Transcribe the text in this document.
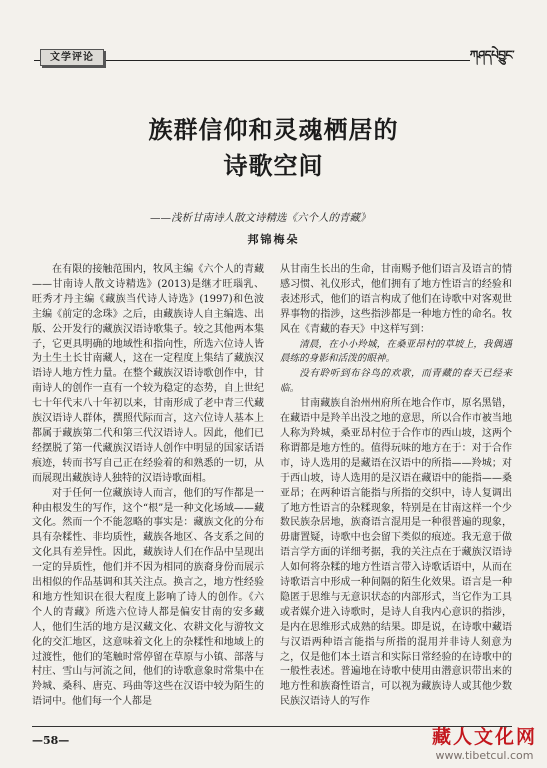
文学评论	ཀཤདཔེབྱུང་
族群信仰和灵魂栖居的
诗歌空间
——浅析甘南诗人散文诗精选《六个人的青藏》
邦锦梅朵

在有限的接触范围内，牧风主编《六个人的青藏——甘南诗人散文诗精选》(2013)是继才旺瑙乳、旺秀才丹主编《藏族当代诗人诗选》(1997)和色波主编《前定的念珠》之后，由藏族诗人自主编选、出版、公开发行的藏族汉语诗歌集子。较之其他两本集子，它更具明确的地域性和指向性，所选六位诗人皆为土生土长甘南藏人，这在一定程度上集结了藏族汉语诗人地方性力量。在整个藏族汉语诗歌创作中，甘南诗人的创作一直有一个较为稳定的态势，自上世纪七十年代末八十年初以来，甘南形成了老中青三代藏族汉语诗人群体，撰照代际而言，这六位诗人基本上都属于藏族第二代和第三代汉语诗人。因此，他们已经摆脱了第一代藏族汉语诗人创作中明显的国家话语痕迹，转而书写自己正在经验着的和熟悉的一切，从而展现出藏族诗人独特的汉语诗歌面相。

对于任何一位藏族诗人而言，他们的写作都是一种由根发生的写作，这个“根”是一种文化场域——藏文化。然而一个不能忽略的事实是：藏族文化的分布具有杂糅性、非均质性，藏族各地区、各支系之间的文化具有差异性。因此，藏族诗人们在作品中呈现出一定的异质性，他们并不因为相同的族裔身份而展示出相似的作品基调和其关注点。换言之，地方性经验和地方性知识在很大程度上影响了诗人的创作。《六个人的青藏》所选六位诗人都是偏安甘南的安多藏人，他们生活的地方是汉藏文化、农耕文化与游牧文化的交汇地区，这意味着文化上的杂糅性和地域上的过渡性，他们的笔触时常停留在草原与小镇、部落与村庄、雪山与河流之间，他们的诗歌意象时常集中在羚城、桑科、唐克、玛曲等这些在汉语中较为陌生的语词中。他们每一个人都是

从甘南生长出的生命，甘南赐予他们语言及语言的情感习惯、礼仪形式，他们拥有了地方性语言的经验和表述形式，他们的语言构成了他们在诗歌中对客观世界事物的指涉，这些指涉都是一种地方性的命名。牧风在《青藏的春天》中这样写到：

清晨，在小小羚城，在桑亚昂村的草坡上，我偶遇晨练的身影和活泼的眼神。

没有聆听到布谷鸟的欢歌，而青藏的春天已经来临。

甘南藏族自治州州府所在地合作市，原名黑错，在藏语中是羚羊出没之地的意思，所以合作市被当地人称为羚城，桑亚昂村位于合作市的西山坡，这两个称谓都是地方性的。值得玩味的地方在于：对于合作市，诗人选用的是藏语在汉语中的所指——羚城；对于西山坡，诗人选用的是汉语在藏语中的能指——桑亚昂；在两种语言能指与所指的交织中，诗人复调出了地方性语言的杂糅现象，特别是在甘南这样一个少数民族杂居地，族裔语言混用是一种很普遍的现象，毋庸置疑，诗歌中也会留下类似的痕迹。我无意于做语言学方面的详细考据，我的关注点在于藏族汉语诗人如何将杂糅的地方性语言带入诗歌话语中，从而在诗歌语言中形成一种间隔的陌生化效果。语言是一种隐匿于思维与无意识状态的内部形式，当它作为工具或者媒介进入诗歌时，是诗人自我内心意识的指涉，是内在思维形式成熟的结果。即是说，在诗歌中藏语与汉语两种语言能指与所指的混用并非诗人刻意为之，仅是他们本土语言和实际日常经验的在诗歌中的一般性表述。普遍地在诗歌中使用由潜意识带出来的地方性和族裔性语言，可以视为藏族诗人或其他少数民族汉语诗人的写作

—58—	藏人文化网
www.tibetcul.com
